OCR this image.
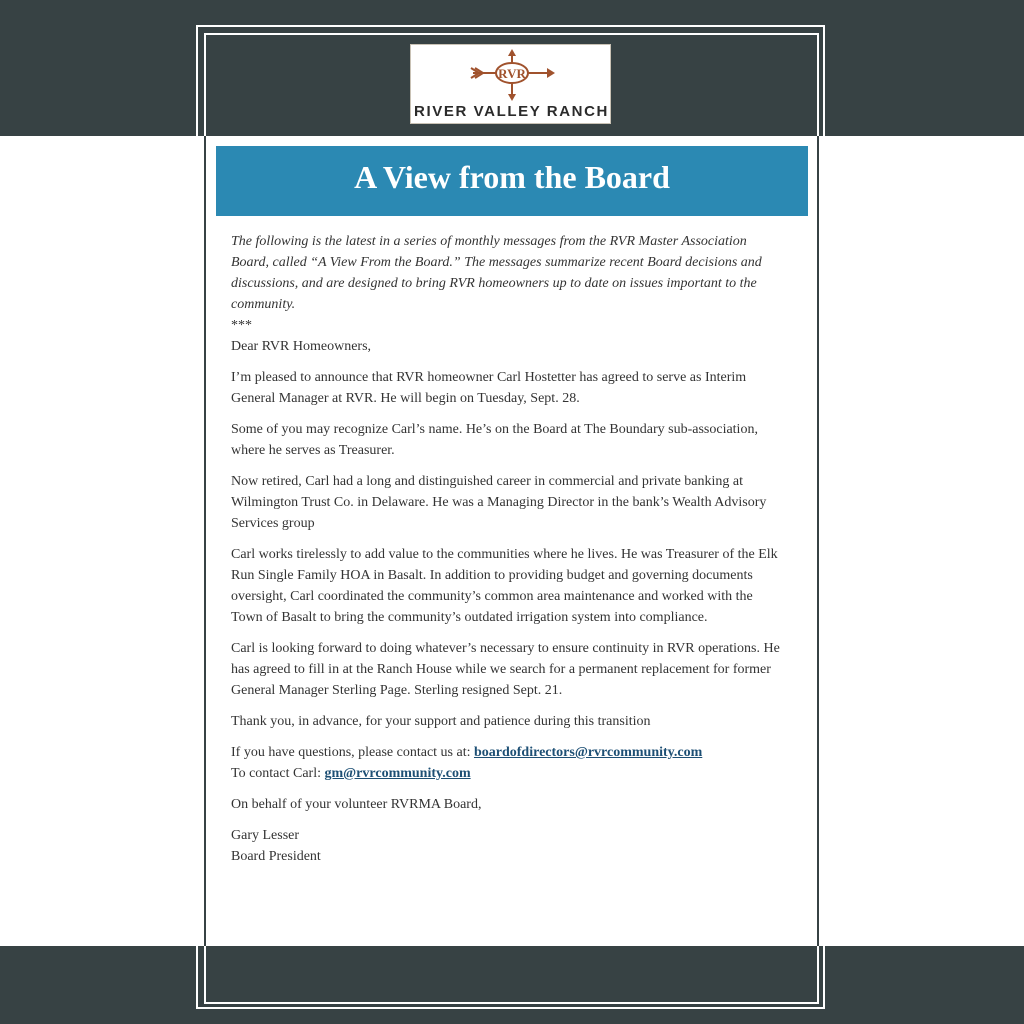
RVR
RIVER VALLEY RANCH
A View from the Board

The following is the latest in a series of monthly messages from the RVR Master Association Board, called “A View From the Board.” The messages summarize recent Board decisions and discussions, and are designed to bring RVR homeowners up to date on issues important to the community.

***

Dear RVR Homeowners,

I’m pleased to announce that RVR homeowner Carl Hostetter has agreed to serve as Interim General Manager at RVR. He will begin on Tuesday, Sept. 28.

Some of you may recognize Carl’s name. He’s on the Board at The Boundary sub-association, where he serves as Treasurer.

Now retired, Carl had a long and distinguished career in commercial and private banking at Wilmington Trust Co. in Delaware. He was a Managing Director in the bank’s Wealth Advisory Services group

Carl works tirelessly to add value to the communities where he lives. He was Treasurer of the Elk Run Single Family HOA in Basalt. In addition to providing budget and governing documents oversight, Carl coordinated the community’s common area maintenance and worked with the Town of Basalt to bring the community’s outdated irrigation system into compliance.

Carl is looking forward to doing whatever’s necessary to ensure continuity in RVR operations. He has agreed to fill in at the Ranch House while we search for a permanent replacement for former General Manager Sterling Page. Sterling resigned Sept. 21.

Thank you, in advance, for your support and patience during this transition

If you have questions, please contact us at: boardofdirectors@rvrcommunity.com
To contact Carl: gm@rvrcommunity.com

On behalf of your volunteer RVRMA Board,

Gary Lesser
Board President
